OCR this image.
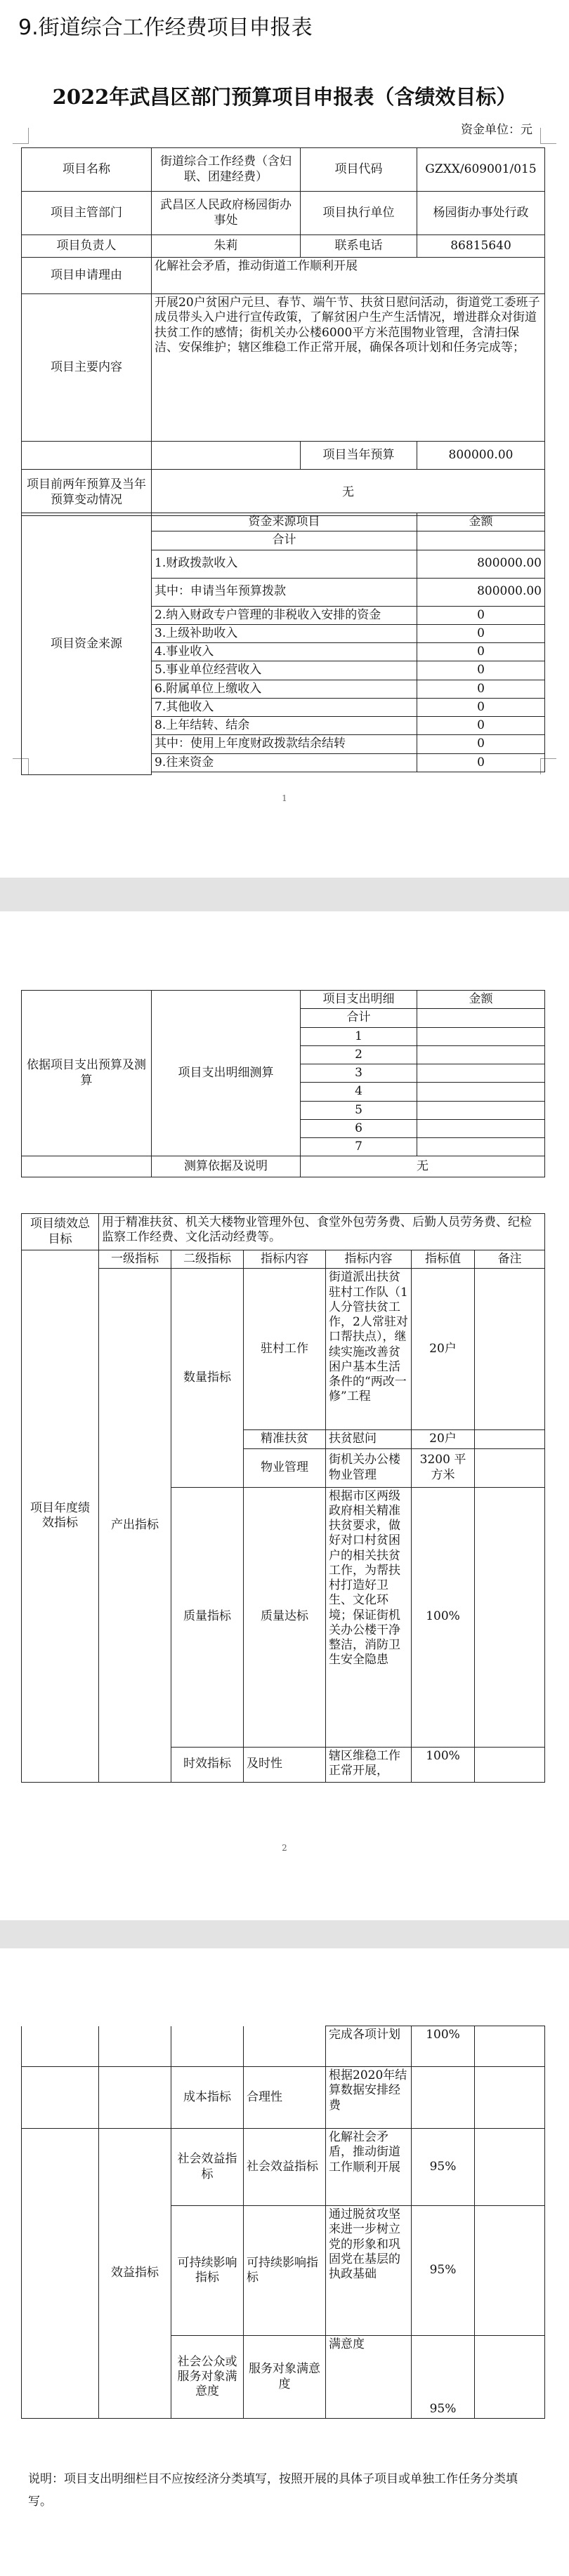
9.街道综合工作经费项目申报表
2022年武昌区部门预算项目申报表（含绩效目标）
资金单位：元
项目名称	街道综合工作经费（含妇联、团建经费）	项目代码	GZXX/609001/015
项目主管部门	武昌区人民政府杨园街办事处	项目执行单位	杨园街办事处行政
项目负责人	朱莉	联系电话	86815640
项目申请理由	化解社会矛盾，推动街道工作顺利开展		
项目主要内容	开展20户贫困户元旦、春节、端午节、扶贫日慰问活动，街道党工委班子成员带头入户进行宣传政策，了解贫困户生产生活情况，增进群众对街道扶贫工作的感情；街机关办公楼6000平方米范围物业管理，含清扫保洁、安保维护；辖区维稳工作正常开展，确保各项计划和任务完成等；		
		项目当年预算	800000.00
项目前两年预算及当年预算变动情况	无		
项目资金来源	资金来源项目	金额
	合计	
	1.财政拨款收入	800000.00
	其中：申请当年预算拨款	800000.00
	2.纳入财政专户管理的非税收入安排的资金	0
	3.上级补助收入	0
	4.事业收入	0
	5.事业单位经营收入	0
	6.附属单位上缴收入	0
	7.其他收入	0
	8.上年结转、结余	0
	其中：使用上年度财政拨款结余结转	0
	9.往来资金	0

1
依据项目支出预算及测算	项目支出明细测算	项目支出明细	金额
		合计	
		1	
		2	
		3	
		4	
		5	
		6	
		7	
	测算依据及说明	无	
项目绩效总目标	用于精准扶贫、机关大楼物业管理外包、食堂外包劳务费、后勤人员劳务费、纪检监察工作经费、文化活动经费等。					
项目年度绩效指标	一级指标	二级指标	指标内容	指标内容	指标值	备注
	产出指标	数量指标	驻村工作	街道派出扶贫驻村工作队（1人分管扶贫工作，2人常驻对口帮扶点），继续实施改善贫困户基本生活条件的“两改一修”工程	20户	
			精准扶贫	扶贫慰问	20户	
			物业管理	街机关办公楼物业管理	3200 平方米	
		质量指标	质量达标	根据市区两级政府相关精准扶贫要求，做好对口村贫困户的相关扶贫工作，为帮扶村打造好卫生、文化环境；保证街机关办公楼干净整洁，消防卫生安全隐患	100%	
		时效指标	及时性	辖区维稳工作正常开展，	100%	
2
				完成各项计划	100%	
		成本指标	合理性	根据2020年结算数据安排经费		
	效益指标	社会效益指标	社会效益指标	化解社会矛盾，推动街道工作顺利开展	95%	
		可持续影响指标	可持续影响指标	通过脱贫攻坚来进一步树立党的形象和巩固党在基层的执政基础	95%	
		社会公众或服务对象满意度	服务对象满意度	满意度	95%	
说明：项目支出明细栏目不应按经济分类填写，按照开展的具体子项目或单独工作任务分类填写。
